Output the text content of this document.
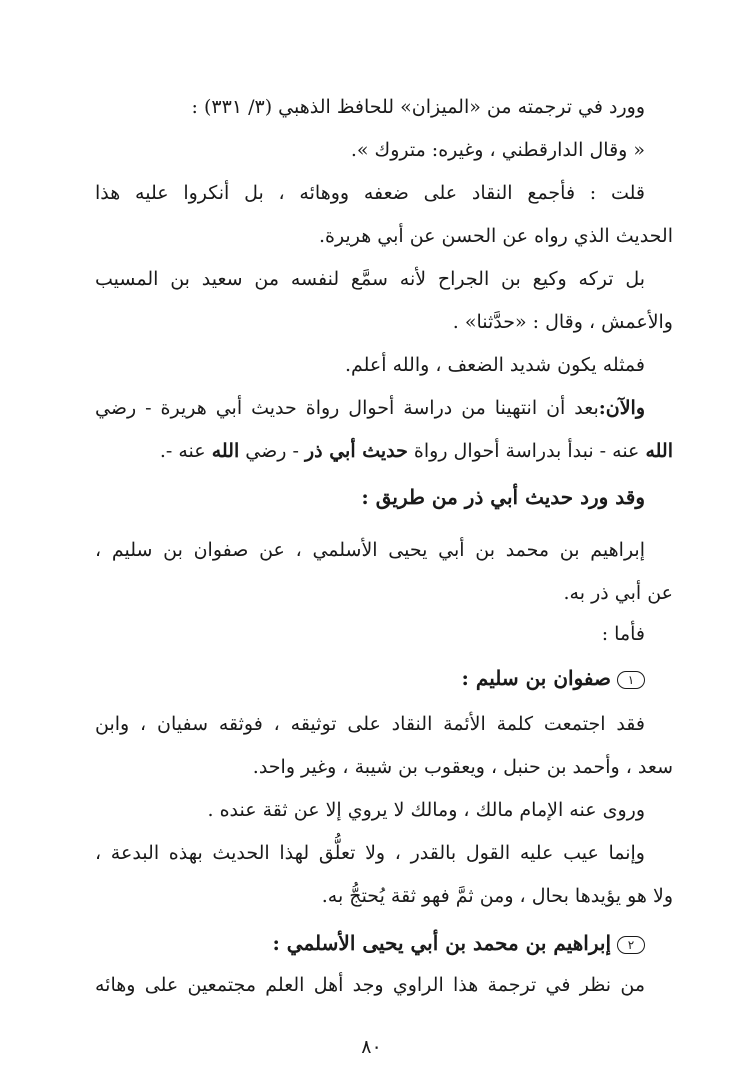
وورد في ترجمته من «الميزان» للحافظ الذهبي (٣/ ٣٣١) :
« وقال الدارقطني ، وغيره: متروك ».
قلت : فأجمع النقاد على ضعفه ووهائه ، بل أنكروا عليه هذا
الحديث الذي رواه عن الحسن عن أبي هريرة.
بل تركه وكيع بن الجراح لأنه سمَّع لنفسه من سعيد بن المسيب
والأعمش ، وقال : «حدَّثنا» .
فمثله يكون شديد الضعف ، والله أعلم.
والآن:بعد أن انتهينا من دراسة أحوال رواة حديث أبي هريرة - رضي
الله عنه - نبدأ بدراسة أحوال رواة حديث أبي ذر - رضي الله عنه -.
وقد ورد حديث أبي ذر من طريق :
إبراهيم بن محمد بن أبي يحيى الأسلمي ، عن صفوان بن سليم ،
عن أبي ذر به.
فأما :
١صفوان بن سليم :
فقد اجتمعت كلمة الأئمة النقاد على توثيقه ، فوثقه سفيان ، وابن
سعد ، وأحمد بن حنبل ، ويعقوب بن شيبة ، وغير واحد.
وروى عنه الإمام مالك ، ومالك لا يروي إلا عن ثقة عنده .
وإنما عيب عليه القول بالقدر ، ولا تعلُّق لهذا الحديث بهذه البدعة ،
ولا هو يؤيدها بحال ، ومن ثمَّ فهو ثقة يُحتجُّ به.
٢إبراهيم بن محمد بن أبي يحيى الأسلمي :
من نظر في ترجمة هذا الراوي وجد أهل العلم مجتمعين على وهائه
٨٠
